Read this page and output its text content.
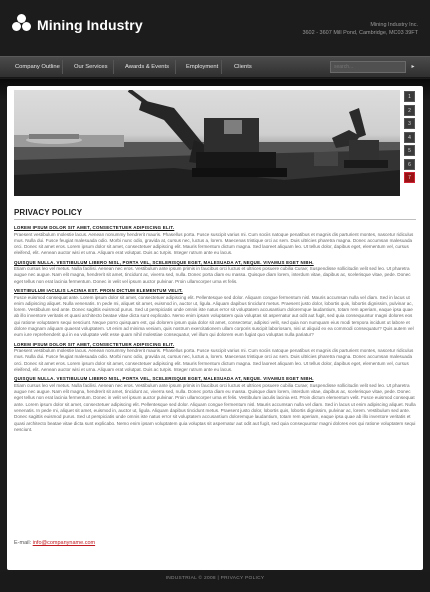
Mining Industry	Mining Industry Inc.
3602 - 3607 Mill Pond, Cambridge, MC03 39FT
Company Outline Our Services	Awards & Events	Employment	Clients
search...	▸
1
2
3
4
5
6
7
PRIVACY POLICY
LOREM IPSUM DOLOR SIT AMET, CONSECTETUER ADIPISCING ELIT.

Praesent vestibulum molestie lacus. Aenean nonummy hendrerit mauris. Phasellus porta. Fusce suscipit varius mi. Cum sociis natoque penatibus et magnis dis parturient montes, nascetur ridiculus mus. Nulla dui. Fusce feugiat malesuada odio. Morbi nunc odio, gravida at, cursus nec, luctus a, lorem. Maecenas tristique orci ac sem. Duis ultricies pharetra magna. Donec accumsan malesuada orci. Donec sit amet eros. Lorem ipsum dolor sit amet, consectetuer adipiscing elit. Mauris fermentum dictum magna. Sed laoreet aliquam leo. Ut tellus dolor, dapibus eget, elementum vel, cursus eleifend, elit. Aenean auctor wisi et urna. Aliquam erat volutpat. Duis ac turpis. Integer rutrum ante eu lacus.

QUISQUE NULLA. VESTIBULUM LIBERO NISL, PORTA VEL, SCELERISQUE EGET, MALESUADA AT, NEQUE. VIVAMUS EGET NIBH.

Etiam cursus leo vel metus. Nulla facilisi. Aenean nec eros. Vestibulum ante ipsum primis in faucibus orci luctus et ultrices posuere cubilia Curae; Suspendisse sollicitudin velit sed leo. Ut pharetra augue nec augue. Nam elit magna, hendrerit sit amet, tincidunt ac, viverra sed, nulla. Donec porta diam eu massa. Quisque diam lorem, interdum vitae, dapibus ac, scelerisque vitae, pede. Donec eget tellus non erat lacinia fermentum. Donec in velit vel ipsum auctor pulvinar. Proin ullamcorper urna et felis.

VESTIBULUM IACULIS LACINIA EST. PROIN DICTUM ELEMENTUM VELIT.

Fusce euismod consequat ante. Lorem ipsum dolor sit amet, consectetuer adipiscing elit. Pellentesque sed dolor. Aliquam congue fermentum nisl. Mauris accumsan nulla vel diam. Sed in lacus ut enim adipiscing aliquet. Nulla venenatis. In pede mi, aliquet sit amet, euismod in, auctor ut, ligula. Aliquam dapibus tincidunt metus. Praesent justo dolor, lobortis quis, lobortis dignissim, pulvinar ac, lorem. Vestibulum sed ante. Donec sagittis euismod purus. Sed ut perspiciatis unde omnis iste natus error sit voluptatem accusantium doloremque laudantium, totam rem aperiam, eaque ipsa quae ab illo inventore veritatis et quasi architecto beatae vitae dicta sunt explicabo. Nemo enim ipsam voluptatem quia voluptas sit aspernatur aut odit aut fugit, sed quia consequuntur magni dolores eos qui ratione voluptatem sequi nesciunt. Neque porro quisquam est, qui dolorem ipsum quia dolor sit amet, consectetur, adipisci velit, sed quia non numquam eius modi tempora incidunt ut labore et dolore magnam aliquam quaerat voluptatem. Ut enim ad minima veniam, quis nostrum exercitationem ullam corporis suscipit laboriosam, nisi ut aliquid ex ea commodi consequatur? Quis autem vel eum iure reprehenderit qui in ea voluptate velit esse quam nihil molestiae consequatur, vel illum qui dolorem eum fugiat quo voluptas nulla pariatur?

LOREM IPSUM DOLOR SIT AMET, CONSECTETUER ADIPISCING ELIT.

Praesent vestibulum molestie lacus. Aenean nonummy hendrerit mauris. Phasellus porta. Fusce suscipit varius mi. Cum sociis natoque penatibus et magnis dis parturient montes, nascetur ridiculus mus. Nulla dui. Fusce feugiat malesuada odio. Morbi nunc odio, gravida at, cursus nec, luctus a, lorem. Maecenas tristique orci ac sem. Duis ultricies pharetra magna. Donec accumsan malesuada orci. Donec sit amet eros. Lorem ipsum dolor sit amet, consectetuer adipiscing elit. Mauris fermentum dictum magna. Sed laoreet aliquam leo. Ut tellus dolor, dapibus eget, elementum vel, cursus eleifend, elit. Aenean auctor wisi et urna. Aliquam erat volutpat. Duis ac turpis. Integer rutrum ante eu lacus.

QUISQUE NULLA. VESTIBULUM LIBERO NISL, PORTA VEL, SCELERISQUE EGET, MALESUADA AT, NEQUE. VIVAMUS EGET NIBH.

Etiam cursus leo vel metus. Nulla facilisi. Aenean nec eros. Vestibulum ante ipsum primis in faucibus orci luctus et ultrices posuere cubilia Curae; Suspendisse sollicitudin velit sed leo. Ut pharetra augue nec augue. Nam elit magna, hendrerit sit amet, tincidunt ac, viverra sed, nulla. Donec porta diam eu massa. Quisque diam lorem, interdum vitae, dapibus ac, scelerisque vitae, pede. Donec eget tellus non erat lacinia fermentum. Donec in velit vel ipsum auctor pulvinar. Proin ullamcorper urna et felis. Vestibulum iaculis lacinia est. Proin dictum elementum velit. Fusce euismod consequat ante. Lorem ipsum dolor sit amet, consectetuer adipiscing elit. Pellentesque sed dolor. Aliquam congue fermentum nisl. Mauris accumsan nulla vel diam. Sed in lacus ut enim adipiscing aliquet. Nulla venenatis. In pede mi, aliquet sit amet, euismod in, auctor ut, ligula. Aliquam dapibus tincidunt metus. Praesent justo dolor, lobortis quis, lobortis dignissim, pulvinar ac, lorem. Vestibulum sed ante. Donec sagittis euismod purus. Sed ut perspiciatis unde omnis iste natus error sit voluptatem accusantium doloremque laudantium, totam rem aperiam, eaque ipsa quae ab illo inventore veritatis et quasi architecto beatae vitae dicta sunt explicabo. Nemo enim ipsam voluptatem quia voluptas sit aspernatur aut odit aut fugit, sed quia consequuntur magni dolores eos qui ratione voluptatem sequi nesciunt.

E-mail: info@companyname.com
INDUSTRIAL © 2008 | PRIVACY POLICY
